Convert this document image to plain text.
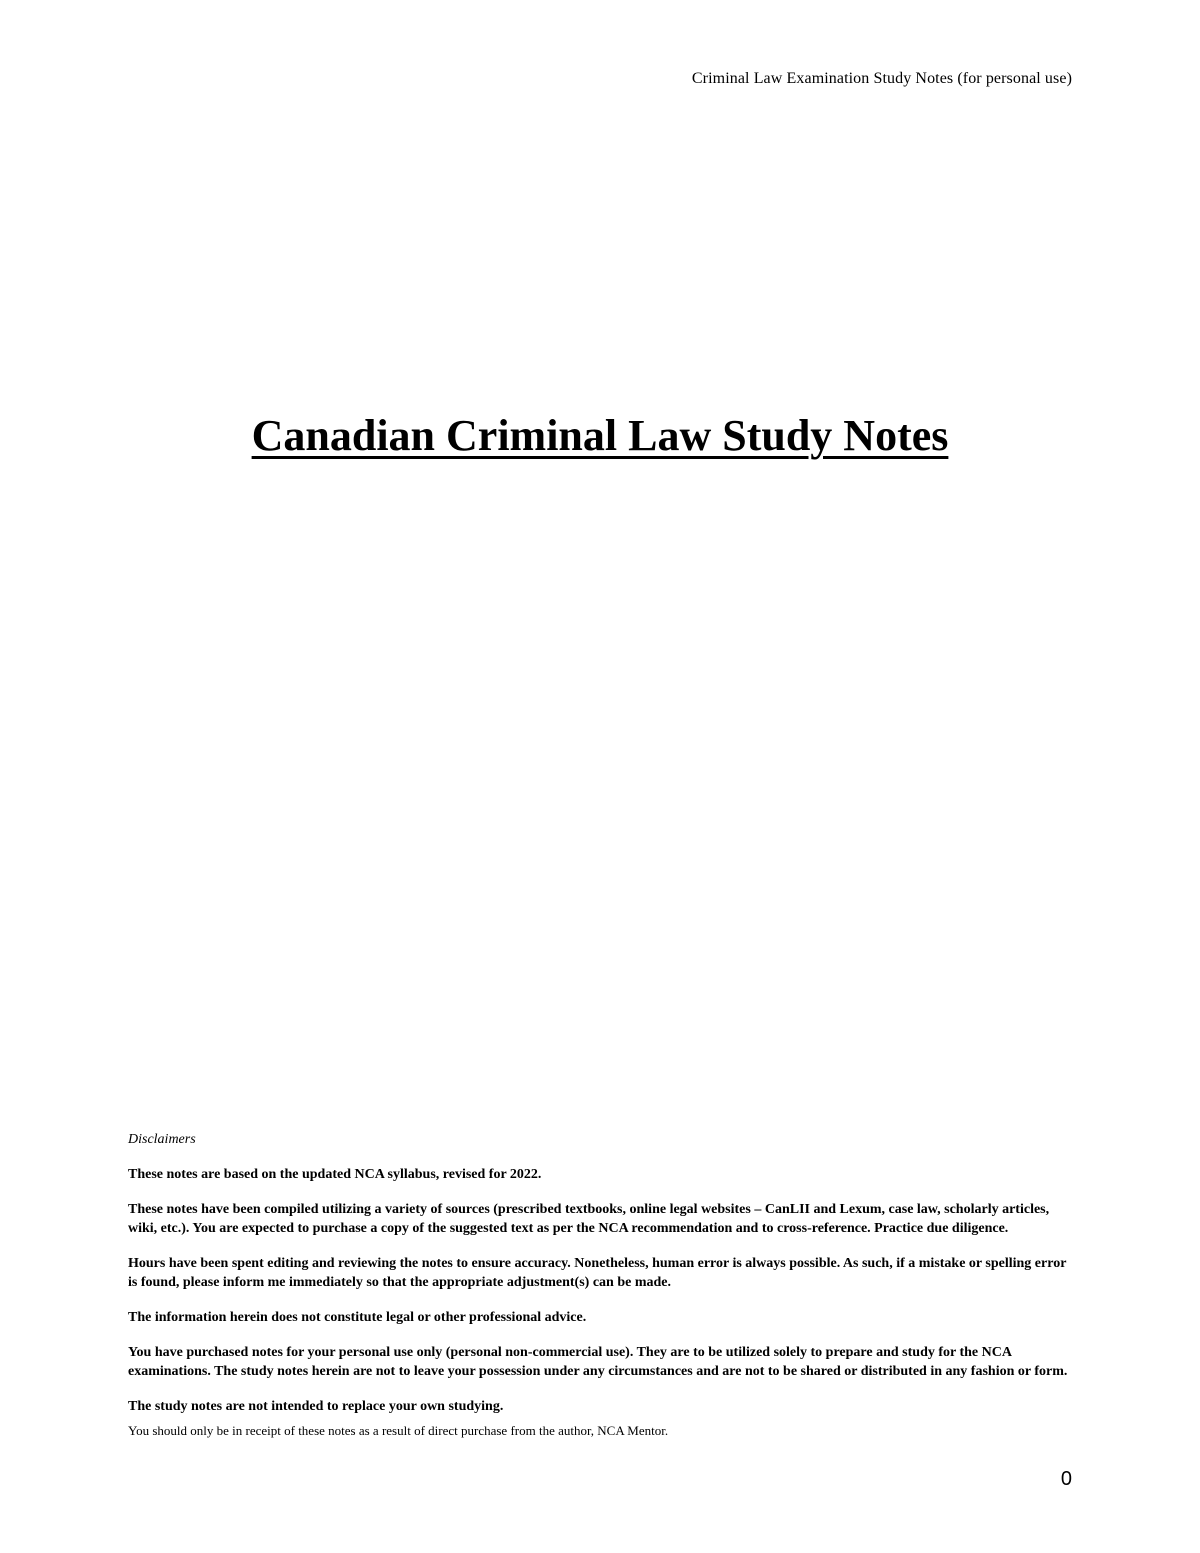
Criminal Law Examination Study Notes (for personal use)
Canadian Criminal Law Study Notes

Disclaimers

These notes are based on the updated NCA syllabus, revised for 2022.

These notes have been compiled utilizing a variety of sources (prescribed textbooks, online legal websites – CanLII and Lexum, case law, scholarly articles, wiki, etc.). You are expected to purchase a copy of the suggested text as per the NCA recommendation and to cross-reference. Practice due diligence.

Hours have been spent editing and reviewing the notes to ensure accuracy. Nonetheless, human error is always possible. As such, if a mistake or spelling error is found, please inform me immediately so that the appropriate adjustment(s) can be made.

The information herein does not constitute legal or other professional advice.

You have purchased notes for your personal use only (personal non-commercial use). They are to be utilized solely to prepare and study for the NCA examinations. The study notes herein are not to leave your possession under any circumstances and are not to be shared or distributed in any fashion or form.

The study notes are not intended to replace your own studying.

You should only be in receipt of these notes as a result of direct purchase from the author, NCA Mentor.

0
